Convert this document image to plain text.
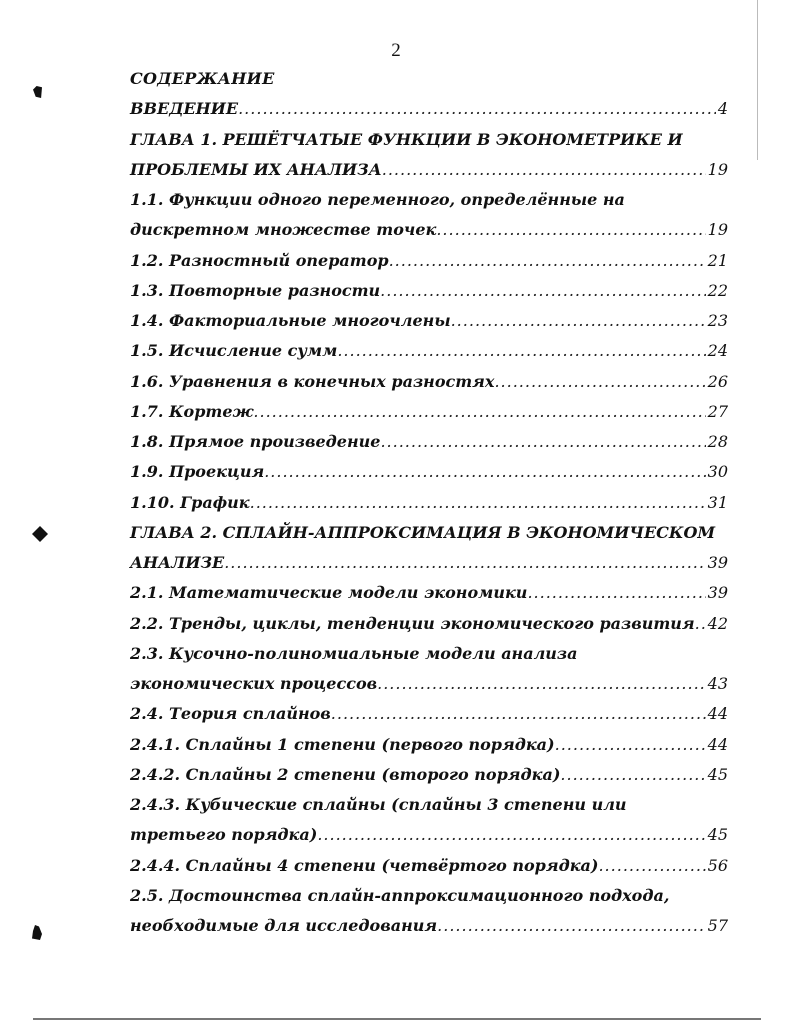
2
СОДЕРЖАНИЕ
ВВЕДЕНИЕ .....	4
ГЛАВА 1. РЕШЁТЧАТЫЕ ФУНКЦИИ В ЭКОНОМЕТРИКЕ И
ПРОБЛЕМЫ ИХ АНАЛИЗА .....	19
1.1. Функции одного переменного, определённые на
дискретном множестве точек .....	19
1.2. Разностный оператор .....	21
1.3. Повторные разности .....	22
1.4. Факториальные многочлены .....	23
1.5. Исчисление сумм .....	24
1.6. Уравнения в конечных разностях .....	26
1.7. Кортеж .....	27
1.8. Прямое произведение .....	28
1.9. Проекция .....	30
1.10. График .....	31
ГЛАВА 2. СПЛАЙН-АППРОКСИМАЦИЯ В ЭКОНОМИЧЕСКОМ
АНАЛИЗЕ .....	39
2.1. Математические модели экономики .....	39
2.2. Тренды, циклы, тенденции экономического развития ..... 42
2.3. Кусочно-полиномиальные модели анализа
экономических процессов .....	43
2.4. Теория сплайнов .....	44
2.4.1. Сплайны 1 степени (первого порядка) .....	44
2.4.2. Сплайны 2 степени (второго порядка) .....	45
2.4.3. Кубические сплайны (сплайны 3 степени или
третьего порядка) .....	45
2.4.4. Сплайны 4 степени (четвёртого порядка) .....	56
2.5. Достоинства сплайн-аппроксимационного подхода,
необходимые для исследования .....	57
